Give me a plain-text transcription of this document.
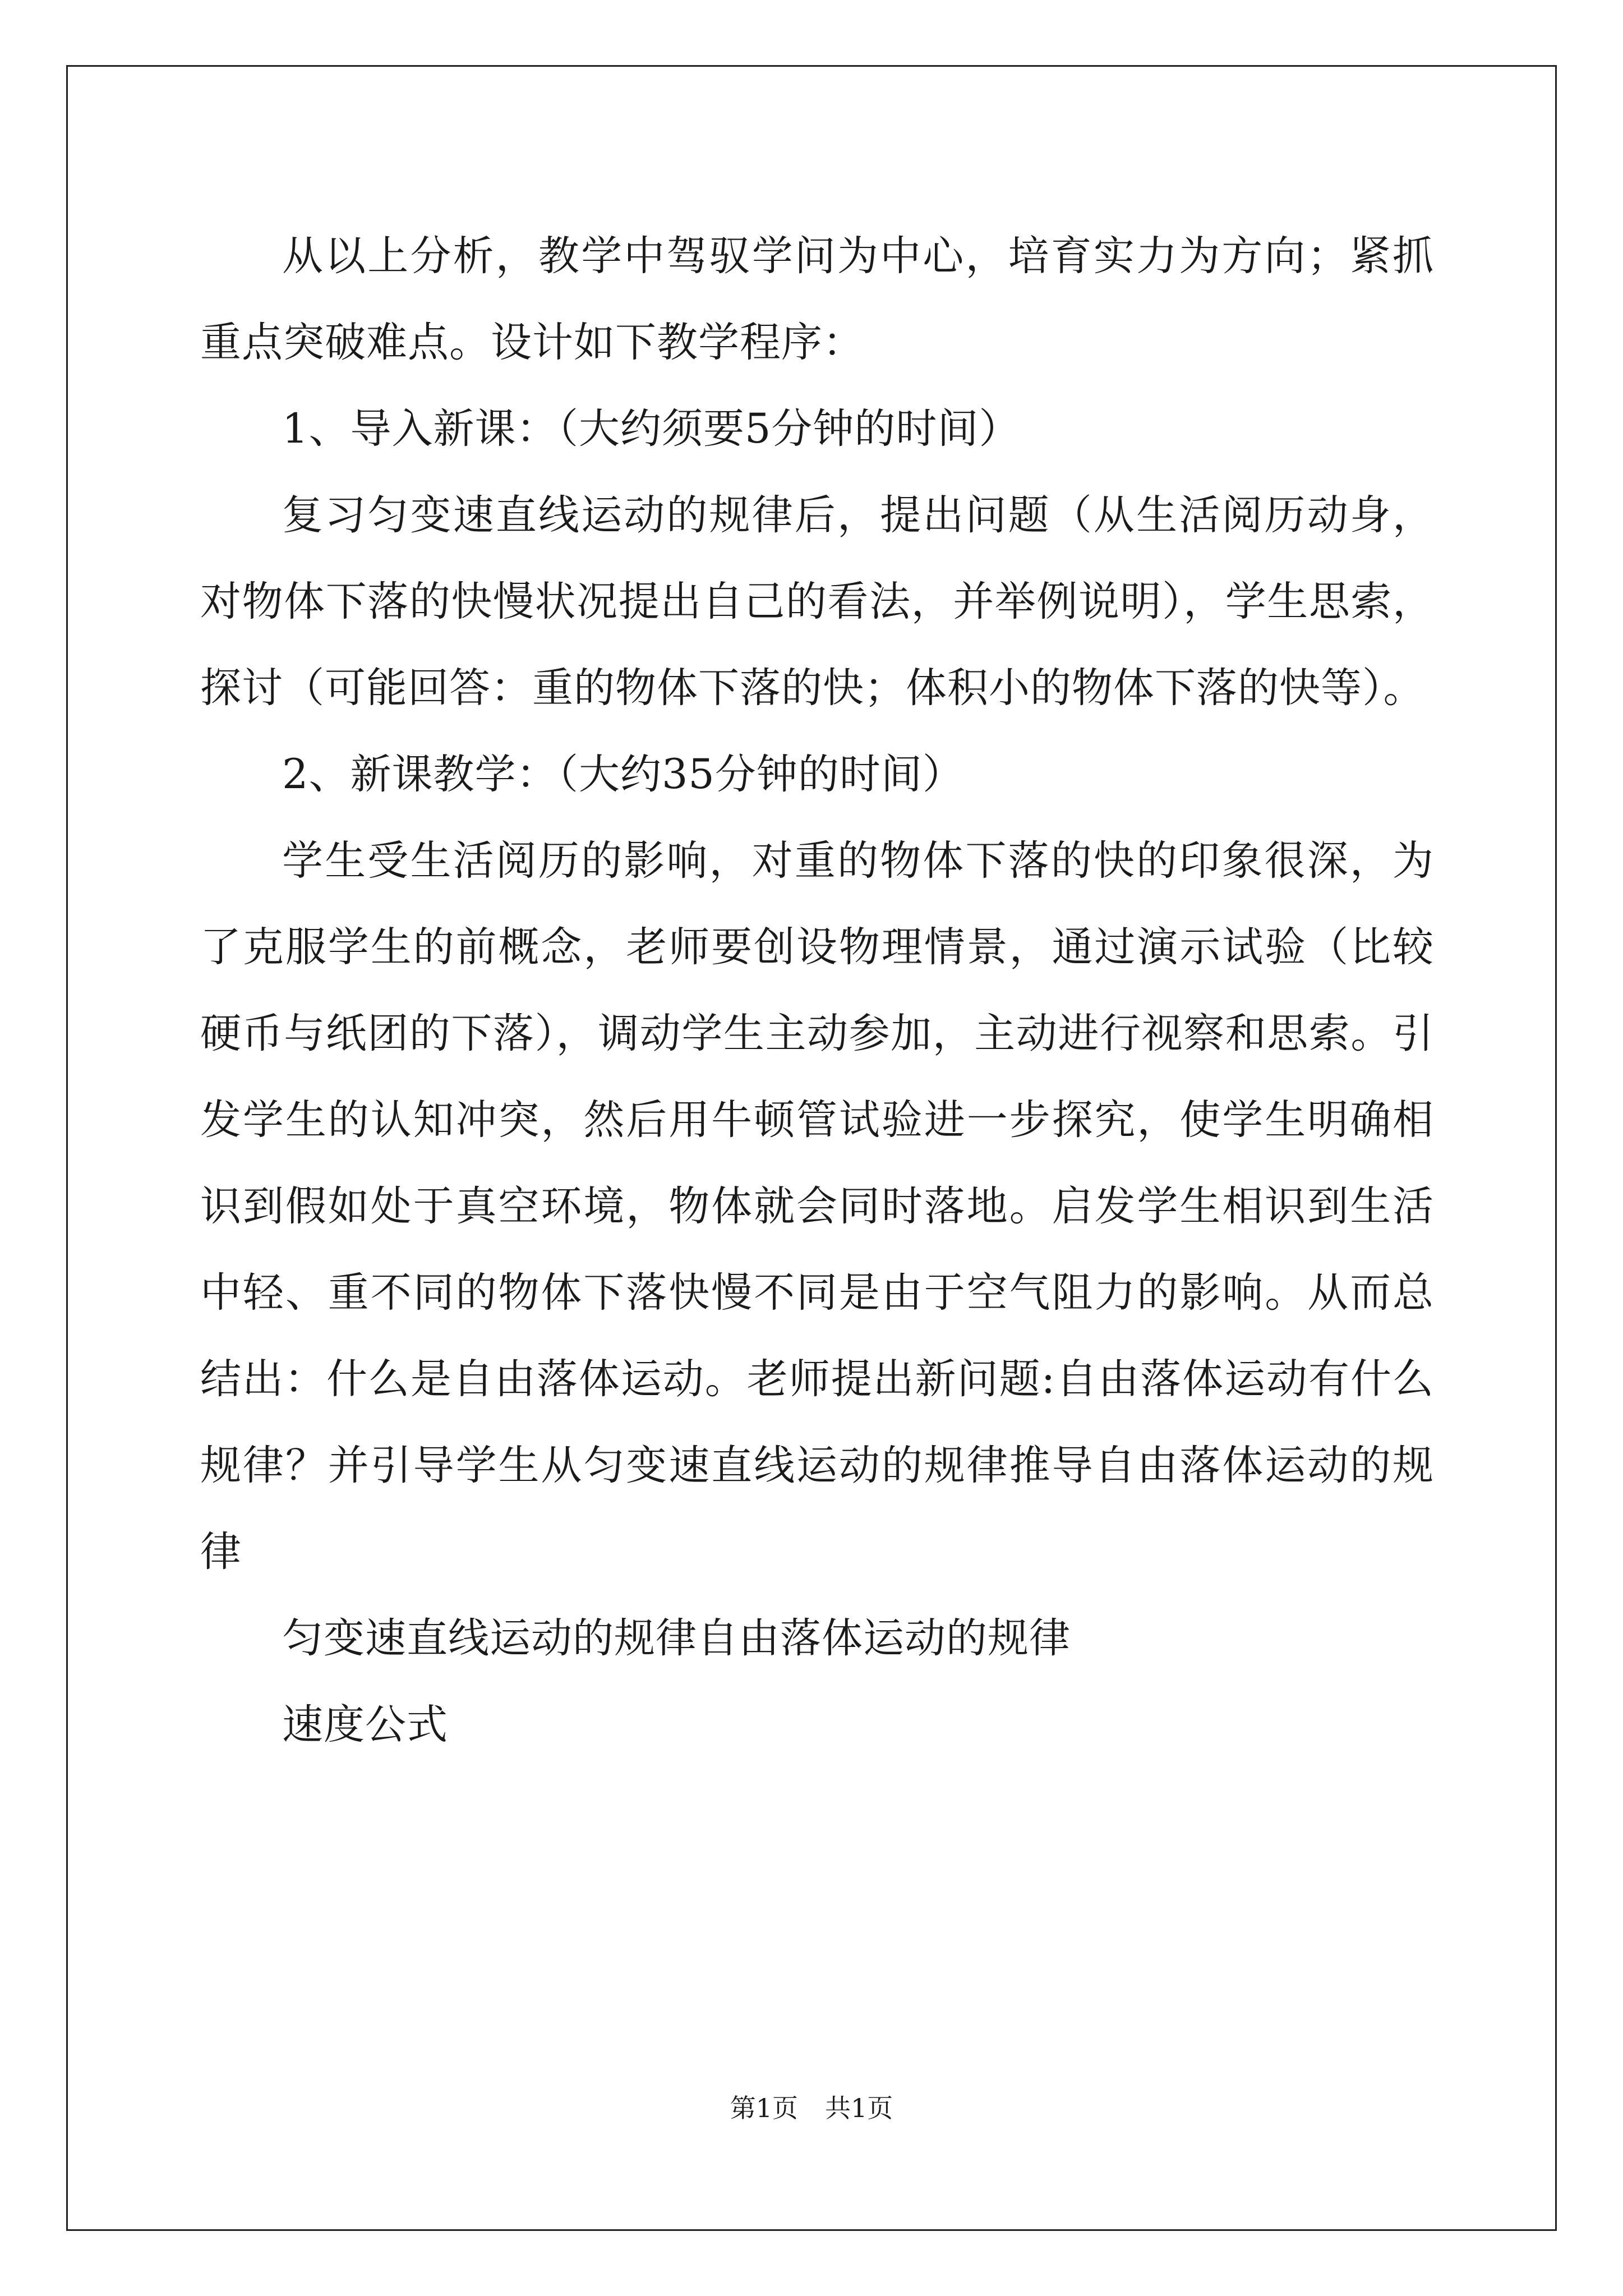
从以上分析，教学中驾驭学问为中心，培育实力为方向；紧抓重点突破难点。设计如下教学程序：

1、导入新课：（大约须要5分钟的时间）

复习匀变速直线运动的规律后，提出问题（从生活阅历动身，对物体下落的快慢状况提出自己的看法，并举例说明），学生思索，探讨（可能回答：重的物体下落的快；体积小的物体下落的快等）。

2、新课教学：（大约35分钟的时间）

学生受生活阅历的影响，对重的物体下落的快的印象很深，为了克服学生的前概念，老师要创设物理情景，通过演示试验（比较硬币与纸团的下落），调动学生主动参加，主动进行视察和思索。引发学生的认知冲突，然后用牛顿管试验进一步探究，使学生明确相识到假如处于真空环境，物体就会同时落地。启发学生相识到生活中轻、重不同的物体下落快慢不同是由于空气阻力的影响。从而总结出：什么是自由落体运动。老师提出新问题:自由落体运动有什么规律？并引导学生从匀变速直线运动的规律推导自由落体运动的规律

匀变速直线运动的规律自由落体运动的规律

速度公式

第1页 共1页
